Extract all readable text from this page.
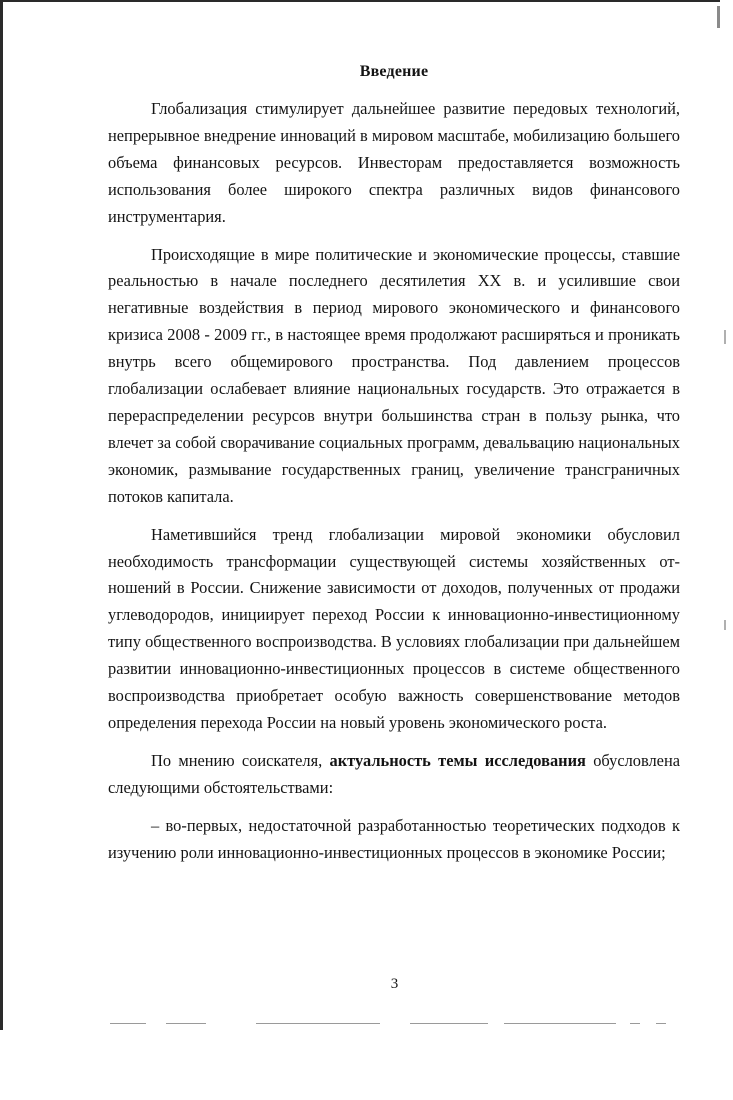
Введение

Глобализация стимулирует дальнейшее развитие передовых технологий, непрерывное внедрение инноваций в мировом масштабе, мобилизацию большего объема финансовых ресурсов. Инвесторам предоставляется возможность использования более широкого спектра различных видов финансового инструментария.

Происходящие в мире политические и экономические процессы, ставшие реальностью в начале последнего десятилетия XX в. и усилившие свои негативные воздействия в период мирового экономического и финансового кризиса 2008 - 2009 гг., в настоящее время продолжают расширяться и проникать внутрь всего общемирового пространства. Под давлением процессов глобализации ослабевает влияние национальных государств. Это отражается в перераспределении ресурсов внутри большинства стран в пользу рынка, что влечет за собой сворачивание социальных программ, девальвацию национальных экономик, размывание государственных границ, увеличение трансграничных потоков капитала.

Наметившийся тренд глобализации мировой экономики обусловил необходимость трансформации существующей системы хозяйственных отношений в России. Снижение зависимости от доходов, полученных от продажи углеводородов, инициирует переход России к инновационно-инвестиционному типу общественного воспроизводства. В условиях глобализации при дальнейшем развитии инновационно-инвестиционных процессов в системе общественного воспроизводства приобретает особую важность совершенствование методов определения перехода России на новый уровень экономического роста.

По мнению соискателя, актуальность темы исследования обусловлена следующими обстоятельствами:

– во-первых, недостаточной разработанностью теоретических подходов к изучению роли инновационно-инвестиционных процессов в экономике России;

3
